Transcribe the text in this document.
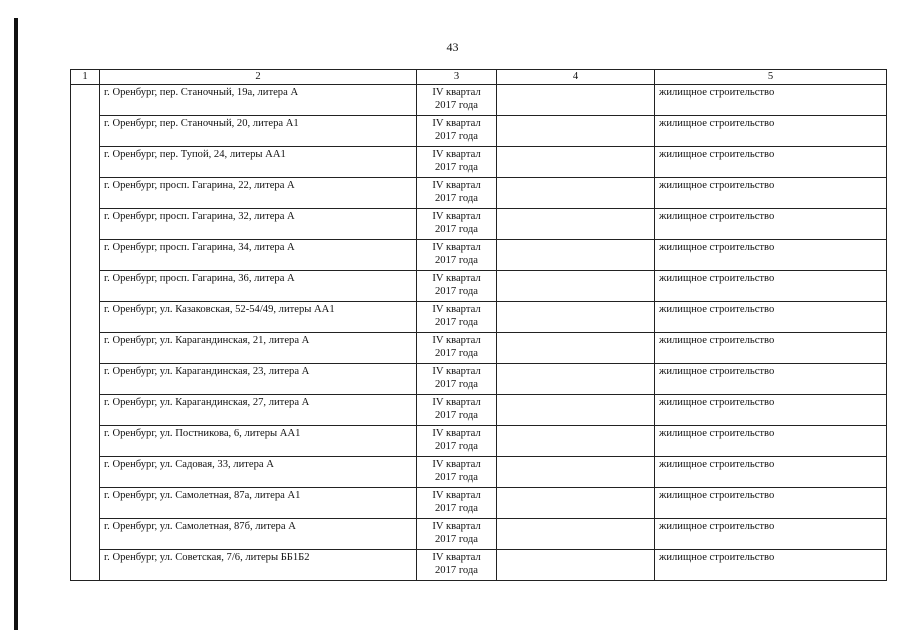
43
1	2	3	4	5
	г. Оренбург, пер. Станочный, 19а, литера А	IV квартал
2017 года		жилищное строительство
	г. Оренбург, пер. Станочный, 20, литера А1	IV квартал
2017 года		жилищное строительство
	г. Оренбург, пер. Тупой, 24, литеры АА1	IV квартал
2017 года		жилищное строительство
	г. Оренбург, просп. Гагарина, 22, литера А	IV квартал
2017 года		жилищное строительство
	г. Оренбург, просп. Гагарина, 32, литера А	IV квартал
2017 года		жилищное строительство
	г. Оренбург, просп. Гагарина, 34, литера А	IV квартал
2017 года		жилищное строительство
	г. Оренбург, просп. Гагарина, 36, литера А	IV квартал
2017 года		жилищное строительство
	г. Оренбург, ул. Казаковская, 52-54/49, литеры АА1	IV квартал
2017 года		жилищное строительство
	г. Оренбург, ул. Карагандинская, 21, литера А	IV квартал
2017 года		жилищное строительство
	г. Оренбург, ул. Карагандинская, 23, литера А	IV квартал
2017 года		жилищное строительство
	г. Оренбург, ул. Карагандинская, 27, литера А	IV квартал
2017 года		жилищное строительство
	г. Оренбург, ул. Постникова, 6, литеры АА1	IV квартал
2017 года		жилищное строительство
	г. Оренбург, ул. Садовая, 33, литера А	IV квартал
2017 года		жилищное строительство
	г. Оренбург, ул. Самолетная, 87а, литера А1	IV квартал
2017 года		жилищное строительство
	г. Оренбург, ул. Самолетная, 87б, литера А	IV квартал
2017 года		жилищное строительство
	г. Оренбург, ул. Советская, 7/6, литеры ББ1Б2	IV квартал
2017 года		жилищное строительство
